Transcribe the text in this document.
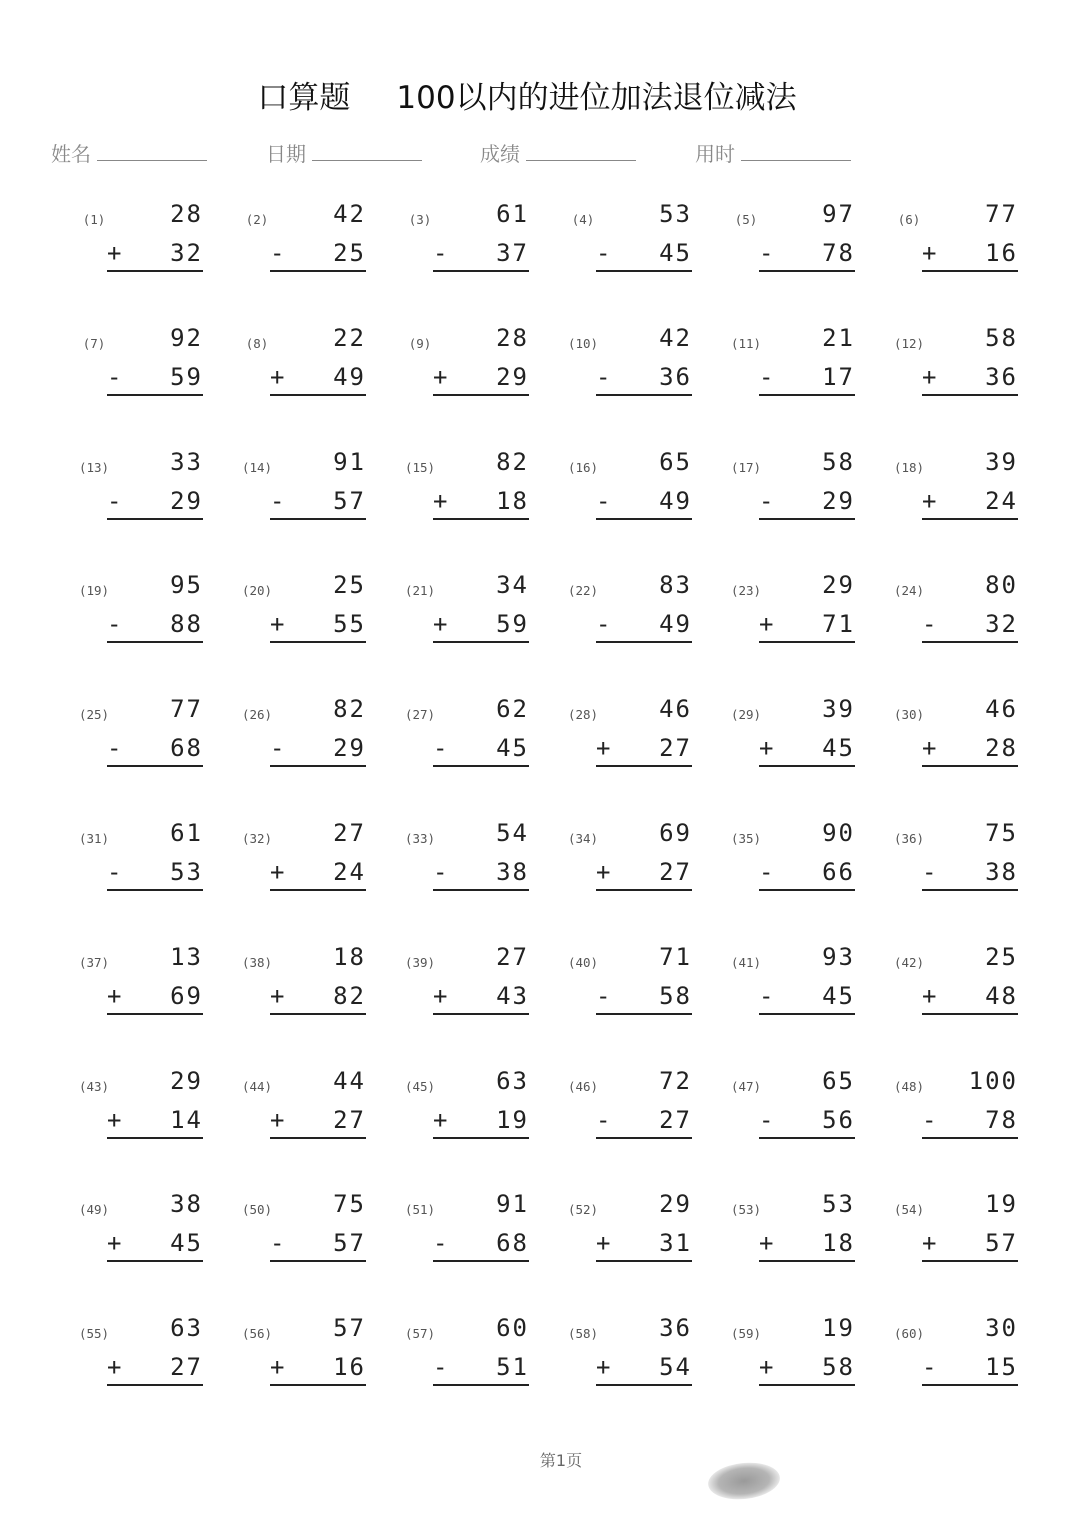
口算题 100以内的进位加法退位减法
姓名	日期	成绩	用时
(1)	28
+ 32
(2)	42
- 25
(3)	61
- 37
(4)	53
- 45
(5)	97
- 78
(6)	77
+ 16
(7)	92
- 59
(8)	22
+ 49
(9)	28
+ 29
(10)	42
- 36
(11)	21
- 17
(12)	58
+ 36
(13)	33
- 29
(14)	91
- 57
(15)	82
+ 18
(16)	65
- 49
(17)	58
- 29
(18)	39
+ 24
(19)	95
- 88
(20)	25
+ 55
(21)	34
+ 59
(22)	83
- 49
(23)	29
+ 71
(24)	80
- 32
(25)	77
- 68
(26)	82
- 29
(27)	62
- 45
(28)	46
+ 27
(29)	39
+ 45
(30)	46
+ 28
(31)	61
- 53
(32)	27
+ 24
(33)	54
- 38
(34)	69
+ 27
(35)	90
- 66
(36)	75
- 38
(37)	13
+ 69
(38)	18
+ 82
(39)	27
+ 43
(40)	71
- 58
(41)	93
- 45
(42)	25
+ 48
(43)	29
+ 14
(44)	44
+ 27
(45)	63
+ 19
(46)	72
- 27
(47)	65
- 56
(48)	100
- 78
(49)	38
+ 45
(50)	75
- 57
(51)	91
- 68
(52)	29
+ 31
(53)	53
+ 18
(54)	19
+ 57
(55)	63
+ 27
(56)	57
+ 16
(57)	60
- 51
(58)	36
+ 54
(59)	19
+ 58
(60)	30
- 15
第1页
